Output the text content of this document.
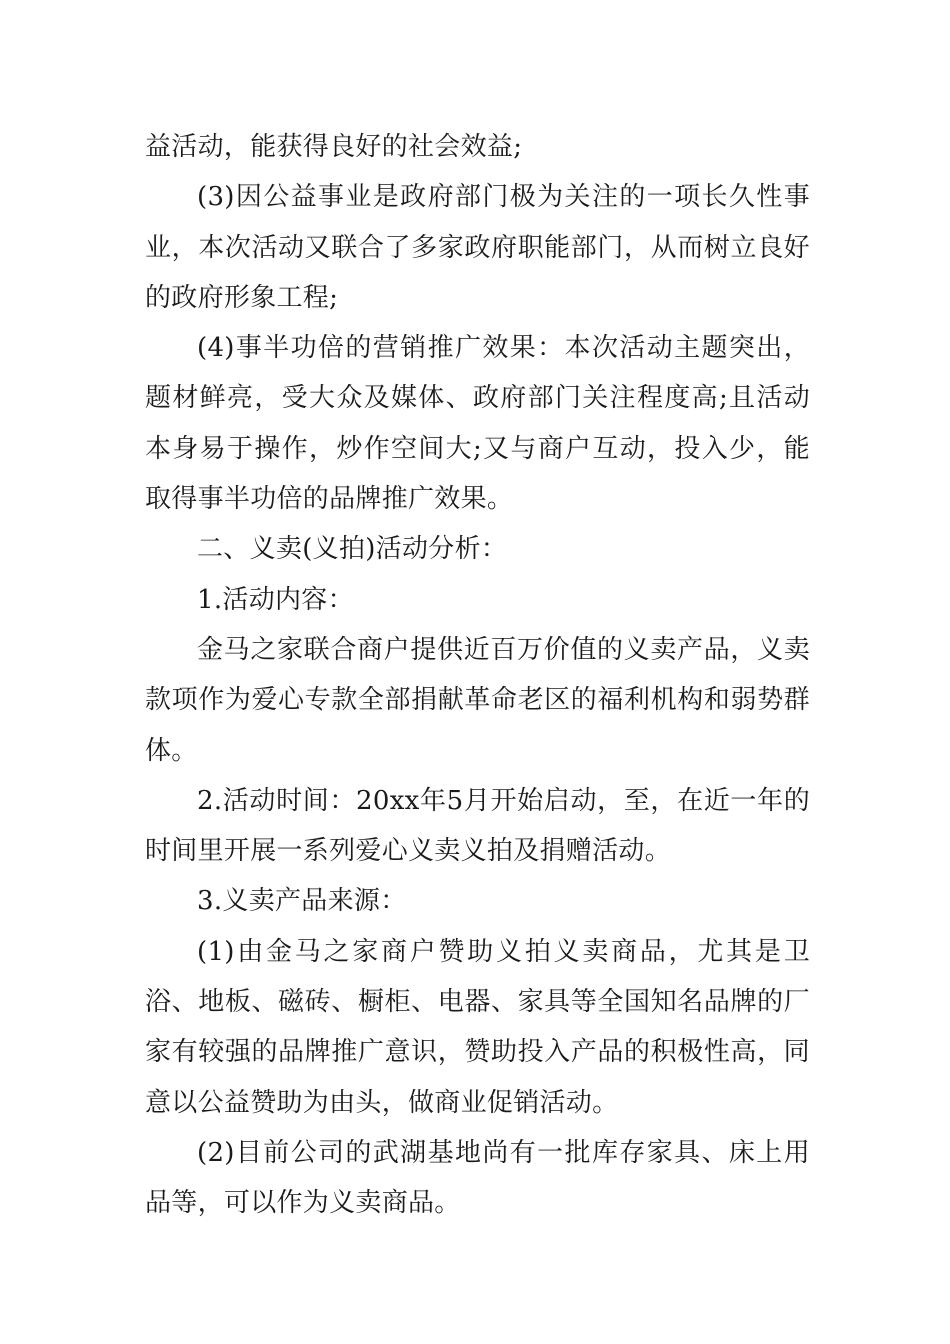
益活动，能获得良好的社会效益;

(3)因公益事业是政府部门极为关注的一项长久性事业，本次活动又联合了多家政府职能部门，从而树立良好的政府形象工程;

(4)事半功倍的营销推广效果：本次活动主题突出，题材鲜亮，受大众及媒体、政府部门关注程度高;且活动本身易于操作，炒作空间大;又与商户互动，投入少，能取得事半功倍的品牌推广效果。

二、义卖(义拍)活动分析：

1.活动内容：

金马之家联合商户提供近百万价值的义卖产品，义卖款项作为爱心专款全部捐献革命老区的福利机构和弱势群体。

2.活动时间：20xx年5月开始启动，至，在近一年的时间里开展一系列爱心义卖义拍及捐赠活动。

3.义卖产品来源：

(1)由金马之家商户赞助义拍义卖商品，尤其是卫浴、地板、磁砖、橱柜、电器、家具等全国知名品牌的厂家有较强的品牌推广意识，赞助投入产品的积极性高，同意以公益赞助为由头，做商业促销活动。

(2)目前公司的武湖基地尚有一批库存家具、床上用品等，可以作为义卖商品。
